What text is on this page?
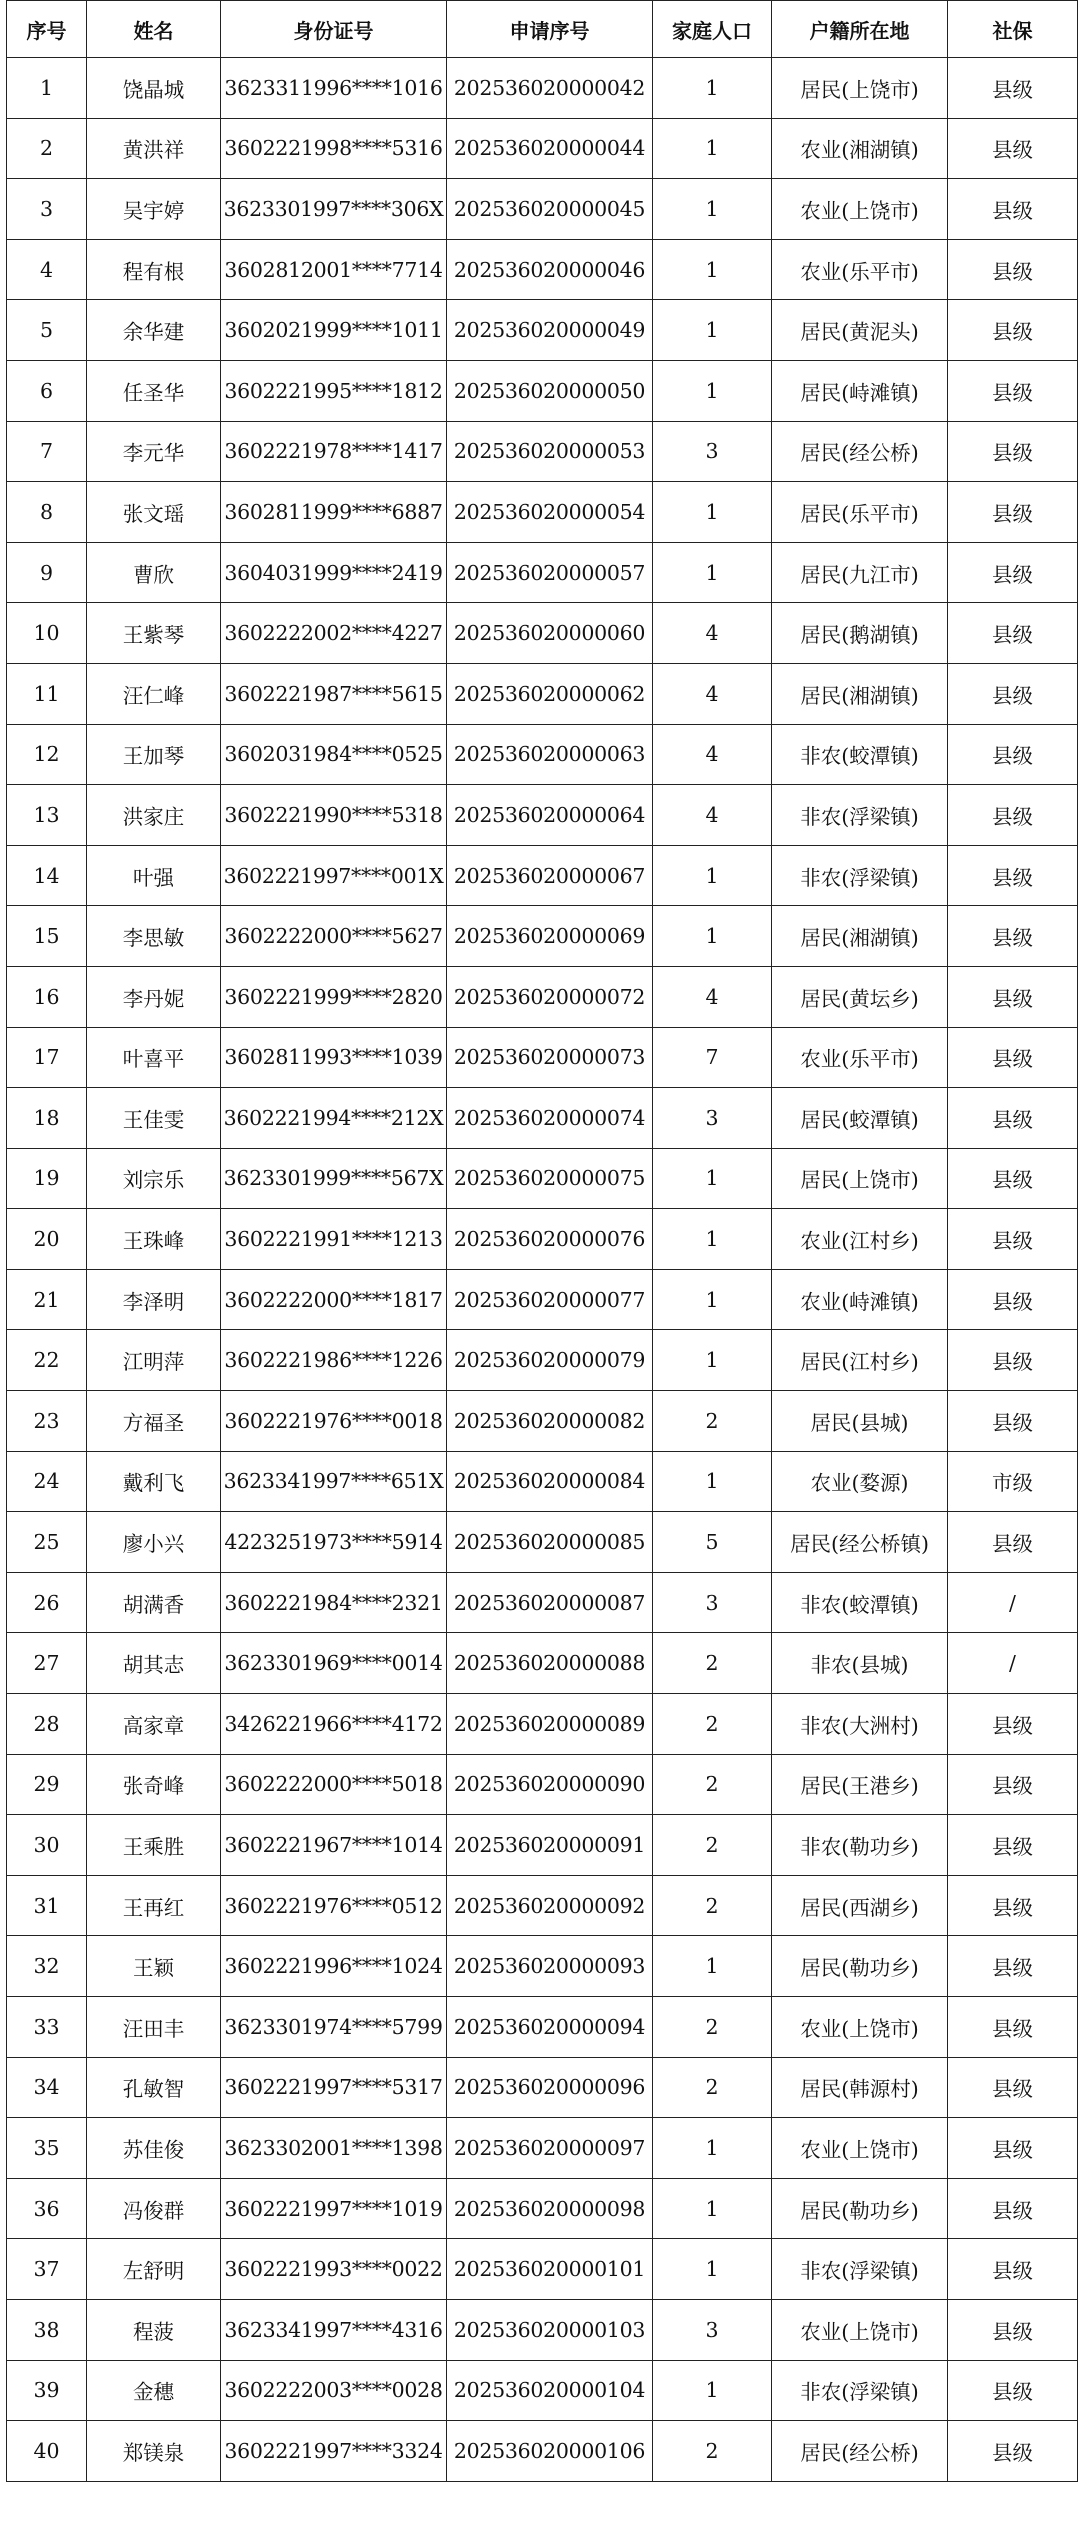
序号	姓名	身份证号	申请序号	家庭人口	户籍所在地	社保
1	饶晶城	3623311996****1016	202536020000042	1	居民(上饶市)	县级
2	黄洪祥	3602221998****5316	202536020000044	1	农业(湘湖镇)	县级
3	吴宇婷	3623301997****306X	202536020000045	1	农业(上饶市)	县级
4	程有根	3602812001****7714	202536020000046	1	农业(乐平市)	县级
5	余华建	3602021999****1011	202536020000049	1	居民(黄泥头)	县级
6	任圣华	3602221995****1812	202536020000050	1	居民(峙滩镇)	县级
7	李元华	3602221978****1417	202536020000053	3	居民(经公桥)	县级
8	张文瑶	3602811999****6887	202536020000054	1	居民(乐平市)	县级
9	曹欣	3604031999****2419	202536020000057	1	居民(九江市)	县级
10	王紫琴	3602222002****4227	202536020000060	4	居民(鹅湖镇)	县级
11	汪仁峰	3602221987****5615	202536020000062	4	居民(湘湖镇)	县级
12	王加琴	3602031984****0525	202536020000063	4	非农(蛟潭镇)	县级
13	洪家庄	3602221990****5318	202536020000064	4	非农(浮梁镇)	县级
14	叶强	3602221997****001X	202536020000067	1	非农(浮梁镇)	县级
15	李思敏	3602222000****5627	202536020000069	1	居民(湘湖镇)	县级
16	李丹妮	3602221999****2820	202536020000072	4	居民(黄坛乡)	县级
17	叶喜平	3602811993****1039	202536020000073	7	农业(乐平市)	县级
18	王佳雯	3602221994****212X	202536020000074	3	居民(蛟潭镇)	县级
19	刘宗乐	3623301999****567X	202536020000075	1	居民(上饶市)	县级
20	王珠峰	3602221991****1213	202536020000076	1	农业(江村乡)	县级
21	李泽明	3602222000****1817	202536020000077	1	农业(峙滩镇)	县级
22	江明萍	3602221986****1226	202536020000079	1	居民(江村乡)	县级
23	方福圣	3602221976****0018	202536020000082	2	居民(县城)	县级
24	戴利飞	3623341997****651X	202536020000084	1	农业(婺源)	市级
25	廖小兴	4223251973****5914	202536020000085	5	居民(经公桥镇)	县级
26	胡满香	3602221984****2321	202536020000087	3	非农(蛟潭镇)	/
27	胡其志	3623301969****0014	202536020000088	2	非农(县城)	/
28	高家章	3426221966****4172	202536020000089	2	非农(大洲村)	县级
29	张奇峰	3602222000****5018	202536020000090	2	居民(王港乡)	县级
30	王乘胜	3602221967****1014	202536020000091	2	非农(勒功乡)	县级
31	王再红	3602221976****0512	202536020000092	2	居民(西湖乡)	县级
32	王颖	3602221996****1024	202536020000093	1	居民(勒功乡)	县级
33	汪田丰	3623301974****5799	202536020000094	2	农业(上饶市)	县级
34	孔敏智	3602221997****5317	202536020000096	2	居民(韩源村)	县级
35	苏佳俊	3623302001****1398	202536020000097	1	农业(上饶市)	县级
36	冯俊群	3602221997****1019	202536020000098	1	居民(勒功乡)	县级
37	左舒明	3602221993****0022	202536020000101	1	非农(浮梁镇)	县级
38	程菠	3623341997****4316	202536020000103	3	农业(上饶市)	县级
39	金穗	3602222003****0028	202536020000104	1	非农(浮梁镇)	县级
40	郑镁泉	3602221997****3324	202536020000106	2	居民(经公桥)	县级
